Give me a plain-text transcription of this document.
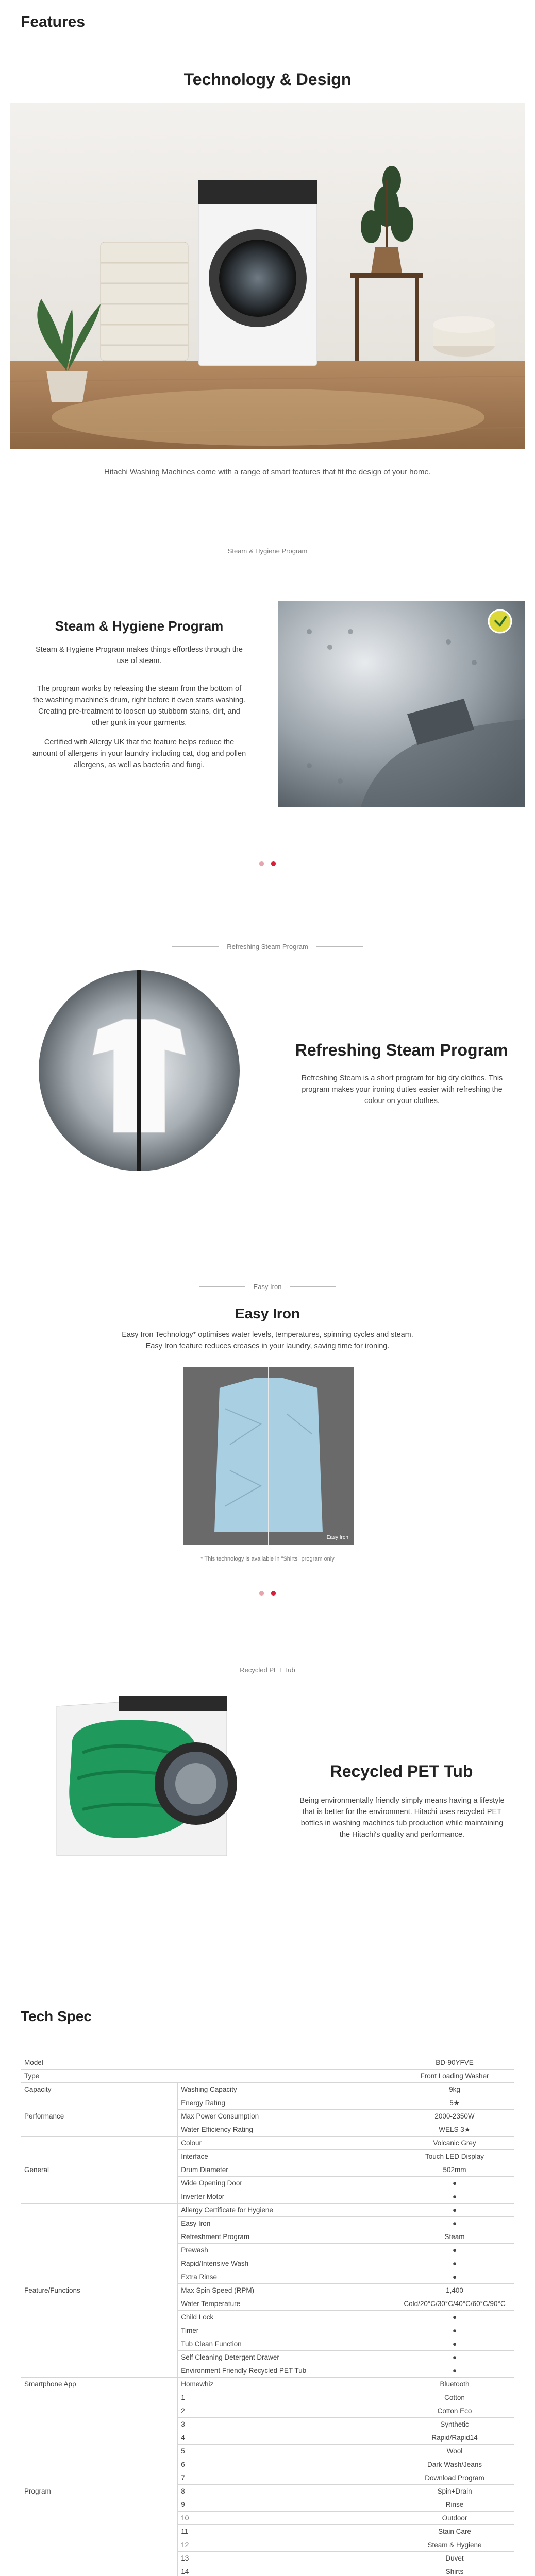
Features
Technology & Design
Hitachi Washing Machines come with a range of smart features that fit the design of your home.
Steam & Hygiene Program
Steam & Hygiene Program
Steam & Hygiene Program makes things effortless through the use of steam.
The program works by releasing the steam from the bottom of the washing machine's drum, right before it even starts washing. Creating pre-treatment to loosen up stubborn stains, dirt, and other gunk in your garments.
Certified with Allergy UK that the feature helps reduce the amount of allergens in your laundry including cat, dog and pollen allergens, as well as bacteria and fungi.
Refreshing Steam Program
Refreshing Steam Program
Refreshing Steam is a short program for big dry clothes. This program makes your ironing duties easier with refreshing the colour on your clothes.
Easy Iron
Easy Iron
Easy Iron Technology* optimises water levels, temperatures, spinning cycles and steam.
Easy Iron feature reduces creases in your laundry, saving time for ironing.
Easy Iron
* This technology is available in "Shirts" program only
Recycled PET Tub
Recycled PET Tub
Being environmentally friendly simply means having a lifestyle that is better for the environment. Hitachi uses recycled PET bottles in washing machines tub production while maintaining the Hitachi's quality and performance.
Tech Spec
Model		BD-90YFVE
Type		Front Loading Washer
Capacity	Washing Capacity	9kg
Performance	Energy Rating	5★
	Max Power Consumption	2000-2350W
	Water Efficiency Rating	WELS 3★
General	Colour	Volcanic Grey
	Interface	Touch LED Display
	Drum Diameter	502mm
	Wide Opening Door	●
	Inverter Motor	●
Feature/Functions	Allergy Certificate for Hygiene	●
	Easy Iron	●
	Refreshment Program	Steam
	Prewash	●
	Rapid/Intensive Wash	●
	Extra Rinse	●
	Max Spin Speed (RPM)	1,400
	Water Temperature	Cold/20°C/30°C/40°C/60°C/90°C
	Child Lock	●
	Timer	●
	Tub Clean Function	●
	Self Cleaning Detergent Drawer	●
	Environment Friendly Recycled PET Tub	●
Smartphone App	Homewhiz	Bluetooth
Program	1	Cotton
	2	Cotton Eco
	3	Synthetic
	4	Rapid/Rapid14
	5	Wool
	6	Dark Wash/Jeans
	7	Download Program
	8	Spin+Drain
	9	Rinse
	10	Outdoor
	11	Stain Care
	12	Steam & Hygiene
	13	Duvet
	14	Shirts
